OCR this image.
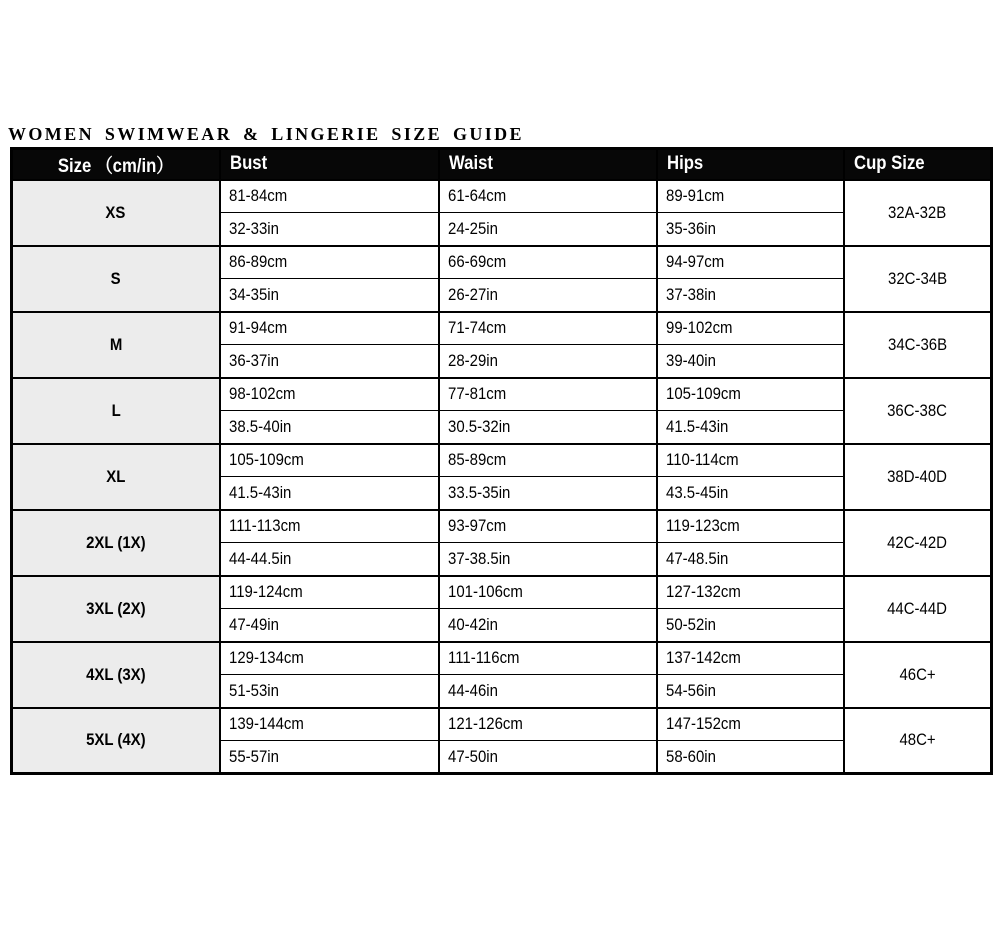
WOMEN SWIMWEAR & LINGERIE SIZE GUIDE
Size （cm/in）	Bust	Waist	Hips	Cup Size
XS	81-84cm	61-64cm	89-91cm	32A-32B
	32-33in	24-25in	35-36in	
S	86-89cm	66-69cm	94-97cm	32C-34B
	34-35in	26-27in	37-38in	
M	91-94cm	71-74cm	99-102cm	34C-36B
	36-37in	28-29in	39-40in	
L	98-102cm	77-81cm	105-109cm	36C-38C
	38.5-40in	30.5-32in	41.5-43in	
XL	105-109cm	85-89cm	110-114cm	38D-40D
	41.5-43in	33.5-35in	43.5-45in	
2XL (1X)	111-113cm	93-97cm	119-123cm	42C-42D
	44-44.5in	37-38.5in	47-48.5in	
3XL (2X)	119-124cm	101-106cm	127-132cm	44C-44D
	47-49in	40-42in	50-52in	
4XL (3X)	129-134cm	111-116cm	137-142cm	46C+
	51-53in	44-46in	54-56in	
5XL (4X)	139-144cm	121-126cm	147-152cm	48C+
	55-57in	47-50in	58-60in	
